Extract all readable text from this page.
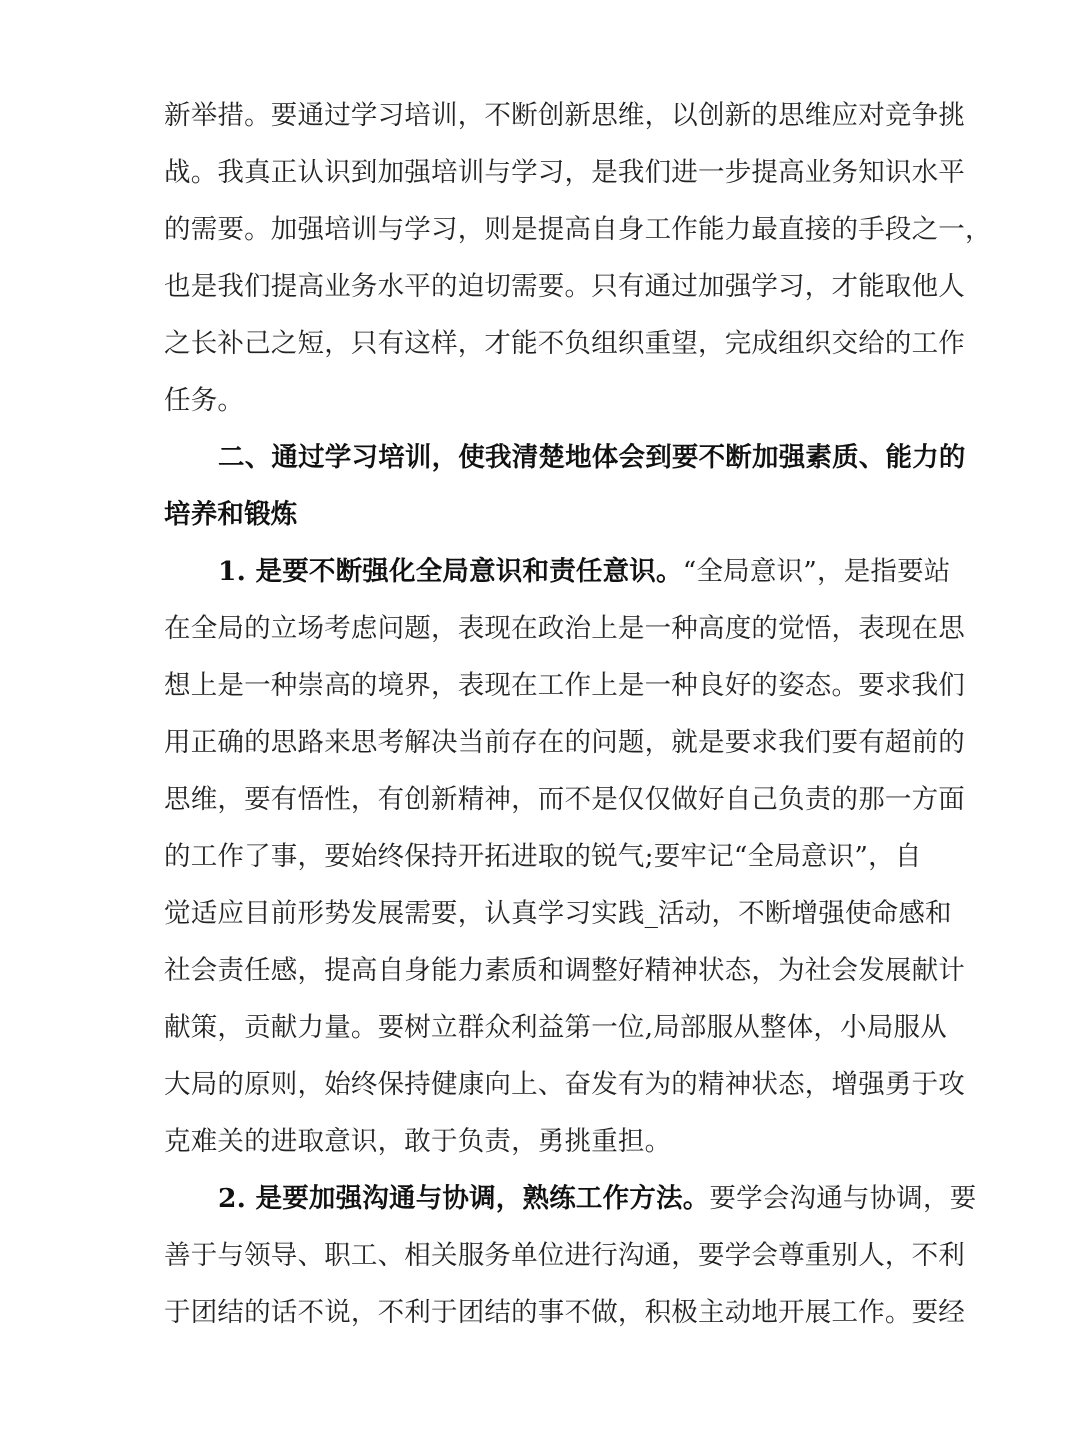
新举措。要通过学习培训，不断创新思维，以创新的思维应对竞争挑
战。我真正认识到加强培训与学习，是我们进一步提高业务知识水平
的需要。加强培训与学习，则是提高自身工作能力最直接的手段之一，
也是我们提高业务水平的迫切需要。只有通过加强学习，才能取他人
之长补己之短，只有这样，才能不负组织重望，完成组织交给的工作
任务。
二、通过学习培训，使我清楚地体会到要不断加强素质、能力的
培养和锻炼
1. 是要不断强化全局意识和责任意识。“全局意识”，是指要站
在全局的立场考虑问题，表现在政治上是一种高度的觉悟，表现在思
想上是一种崇高的境界，表现在工作上是一种良好的姿态。要求我们
用正确的思路来思考解决当前存在的问题，就是要求我们要有超前的
思维，要有悟性，有创新精神，而不是仅仅做好自己负责的那一方面
的工作了事，要始终保持开拓进取的锐气;要牢记“全局意识”，自
觉适应目前形势发展需要，认真学习实践_活动，不断增强使命感和
社会责任感，提高自身能力素质和调整好精神状态，为社会发展献计
献策，贡献力量。要树立群众利益第一位,局部服从整体，小局服从
大局的原则，始终保持健康向上、奋发有为的精神状态，增强勇于攻
克难关的进取意识，敢于负责，勇挑重担。
2. 是要加强沟通与协调，熟练工作方法。要学会沟通与协调，要
善于与领导、职工、相关服务单位进行沟通，要学会尊重别人，不利
于团结的话不说，不利于团结的事不做，积极主动地开展工作。要经
